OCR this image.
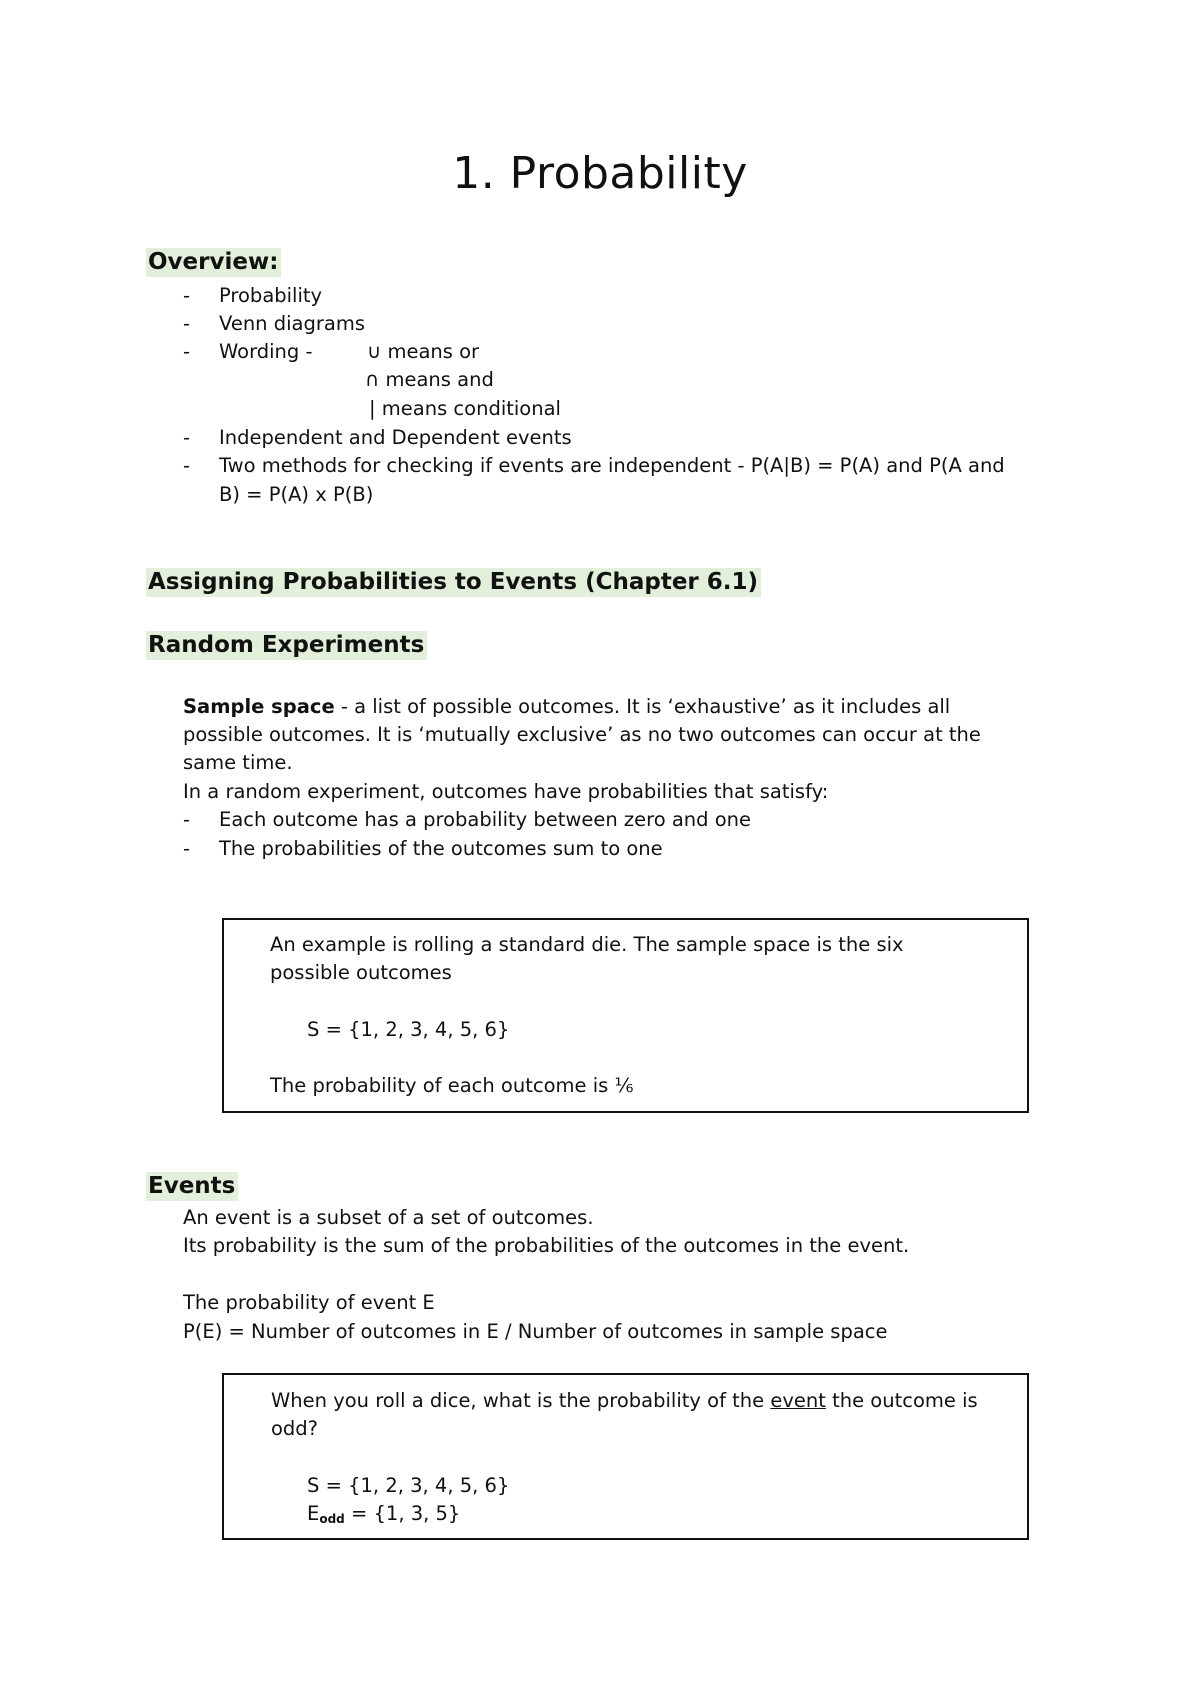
1. Probability
Overview:
- Probability
- Venn diagrams
- Wording -	∪ means or
∩ means and
| means conditional
- Independent and Dependent events
- Two methods for checking if events are independent - P(A|B) = P(A) and P(A and
B) = P(A) x P(B)
Assigning Probabilities to Events (Chapter 6.1)
Random Experiments
Sample space - a list of possible outcomes. It is ‘exhaustive’ as it includes all
possible outcomes. It is ‘mutually exclusive’ as no two outcomes can occur at the
same time.
In a random experiment, outcomes have probabilities that satisfy:
- Each outcome has a probability between zero and one
- The probabilities of the outcomes sum to one
An example is rolling a standard die. The sample space is the six
possible outcomes
S = {1, 2, 3, 4, 5, 6}
The probability of each outcome is ⅙
Events
An event is a subset of a set of outcomes.
Its probability is the sum of the probabilities of the outcomes in the event.
The probability of event E
P(E) = Number of outcomes in E / Number of outcomes in sample space
When you roll a dice, what is the probability of the event the outcome is
odd?
S = {1, 2, 3, 4, 5, 6}
$E_{odd} = \{1$, 3, 5}
